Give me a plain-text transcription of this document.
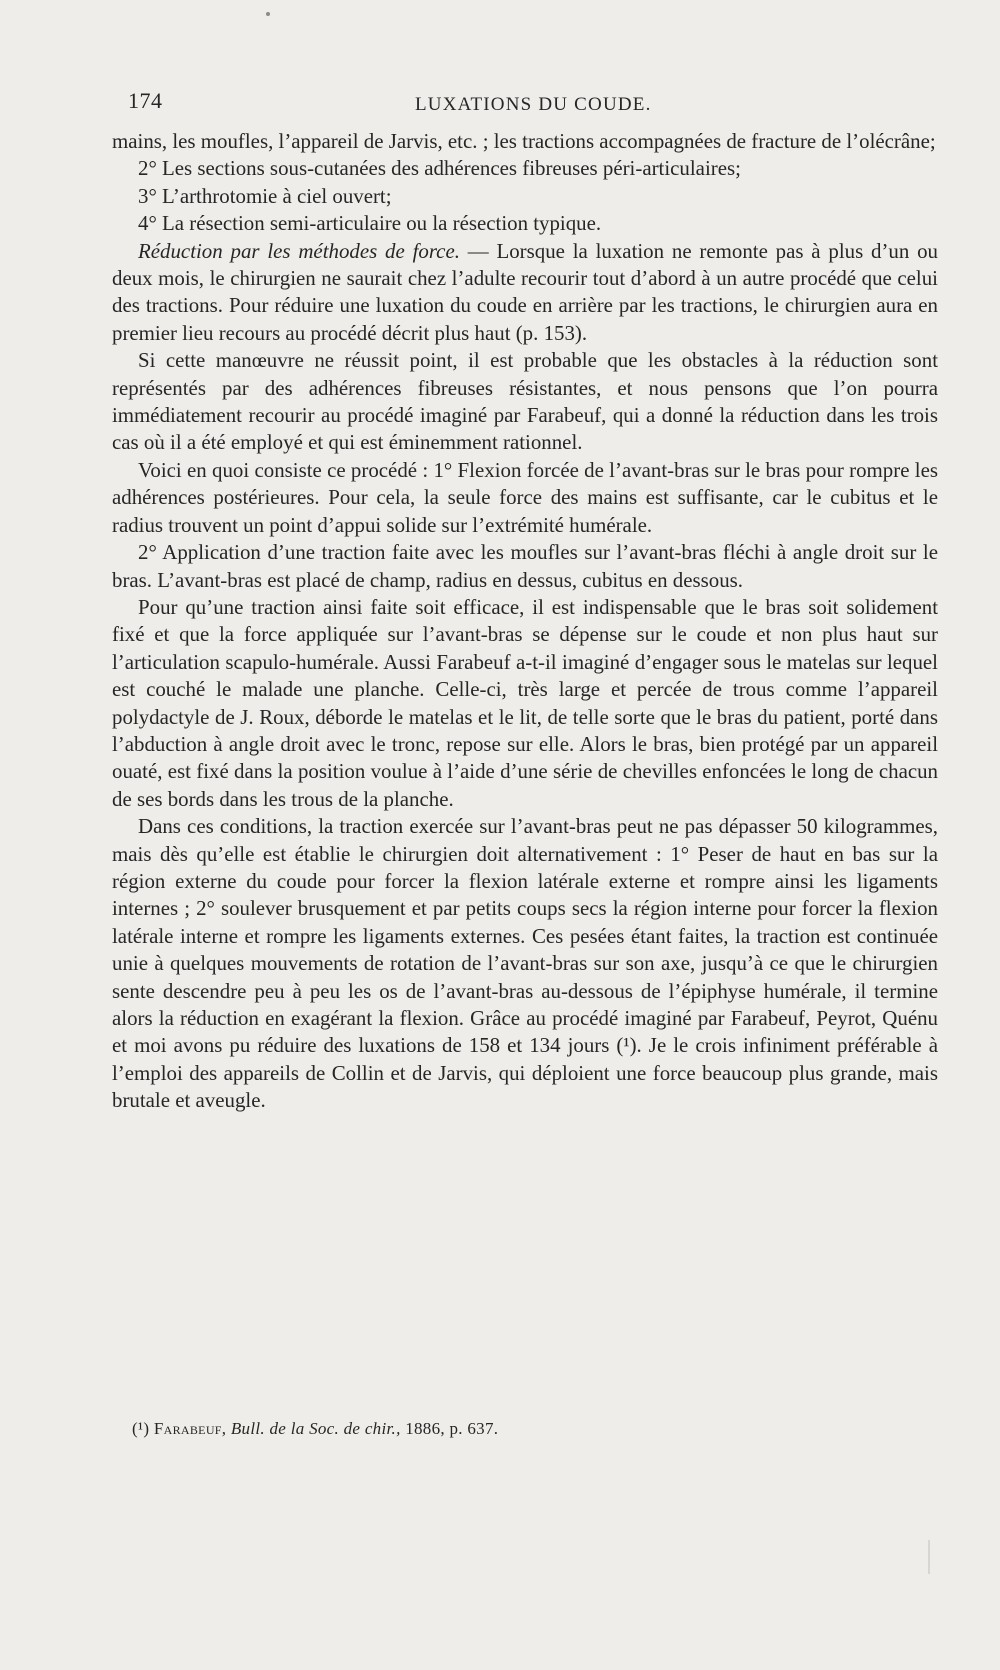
174	LUXATIONS DU COUDE.

mains, les moufles, l’appareil de Jarvis, etc. ; les tractions accompagnées de fracture de l’olécrâne;

2° Les sections sous-cutanées des adhérences fibreuses péri-articulaires;

3° L’arthrotomie à ciel ouvert;

4° La résection semi-articulaire ou la résection typique.

Réduction par les méthodes de force. — Lorsque la luxation ne remonte pas à plus d’un ou deux mois, le chirurgien ne saurait chez l’adulte recourir tout d’abord à un autre procédé que celui des tractions. Pour réduire une luxation du coude en arrière par les tractions, le chirurgien aura en premier lieu recours au procédé décrit plus haut (p. 153).

Si cette manœuvre ne réussit point, il est probable que les obstacles à la réduction sont représentés par des adhérences fibreuses résistantes, et nous pensons que l’on pourra immédiatement recourir au procédé imaginé par Farabeuf, qui a donné la réduction dans les trois cas où il a été employé et qui est éminemment rationnel.

Voici en quoi consiste ce procédé : 1° Flexion forcée de l’avant-bras sur le bras pour rompre les adhérences postérieures. Pour cela, la seule force des mains est suffisante, car le cubitus et le radius trouvent un point d’appui solide sur l’extrémité humérale.

2° Application d’une traction faite avec les moufles sur l’avant-bras fléchi à angle droit sur le bras. L’avant-bras est placé de champ, radius en dessus, cubitus en dessous.

Pour qu’une traction ainsi faite soit efficace, il est indispensable que le bras soit solidement fixé et que la force appliquée sur l’avant-bras se dépense sur le coude et non plus haut sur l’articulation scapulo-humérale. Aussi Farabeuf a-t-il imaginé d’engager sous le matelas sur lequel est couché le malade une planche. Celle-ci, très large et percée de trous comme l’appareil polydactyle de J. Roux, déborde le matelas et le lit, de telle sorte que le bras du patient, porté dans l’abduction à angle droit avec le tronc, repose sur elle. Alors le bras, bien protégé par un appareil ouaté, est fixé dans la position voulue à l’aide d’une série de chevilles enfoncées le long de chacun de ses bords dans les trous de la planche.

Dans ces conditions, la traction exercée sur l’avant-bras peut ne pas dépasser 50 kilogrammes, mais dès qu’elle est établie le chirurgien doit alternativement : 1° Peser de haut en bas sur la région externe du coude pour forcer la flexion latérale externe et rompre ainsi les ligaments internes ; 2° soulever brusquement et par petits coups secs la région interne pour forcer la flexion latérale interne et rompre les ligaments externes. Ces pesées étant faites, la traction est continuée unie à quelques mouvements de rotation de l’avant-bras sur son axe, jusqu’à ce que le chirurgien sente descendre peu à peu les os de l’avant-bras au-dessous de l’épiphyse humérale, il termine alors la réduction en exagérant la flexion. Grâce au procédé imaginé par Farabeuf, Peyrot, Quénu et moi avons pu réduire des luxations de 158 et 134 jours (¹). Je le crois infiniment préférable à l’emploi des appareils de Collin et de Jarvis, qui déploient une force beaucoup plus grande, mais brutale et aveugle.

(¹) Farabeuf, Bull. de la Soc. de chir., 1886, p. 637.
